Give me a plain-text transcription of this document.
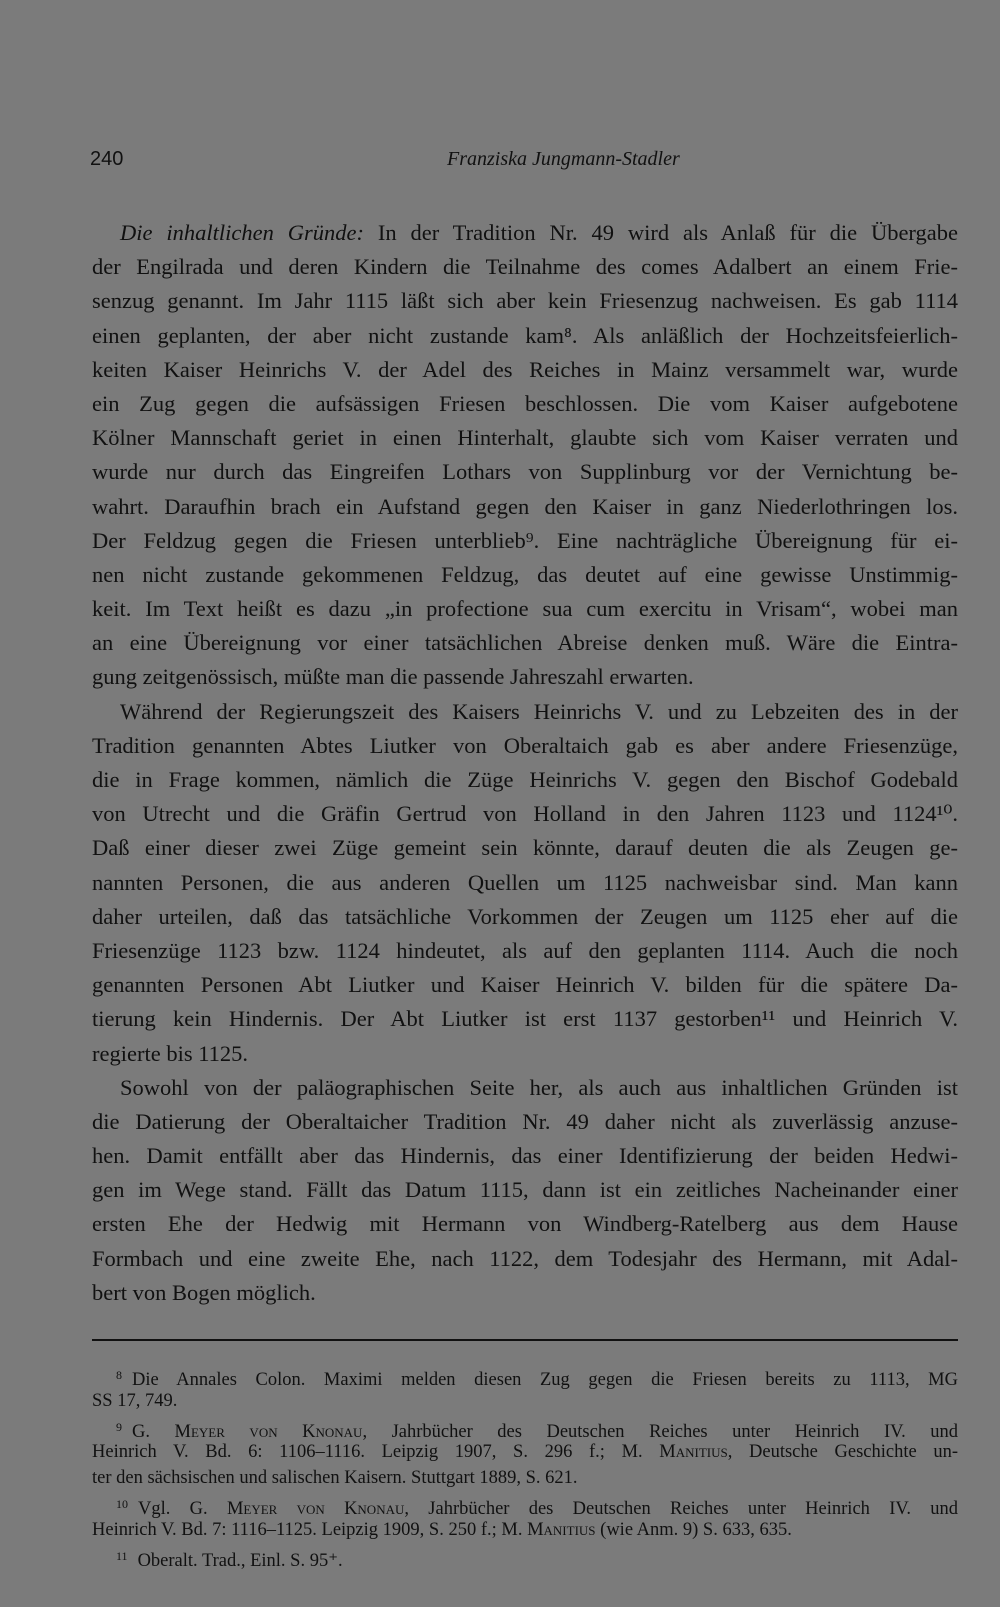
240	Franziska Jungmann-Stadler
Die inhaltlichen Gründe: In der Tradition Nr. 49 wird als Anlaß für die Übergabe
der Engilrada und deren Kindern die Teilnahme des comes Adalbert an einem Frie-
senzug genannt. Im Jahr 1115 läßt sich aber kein Friesenzug nachweisen. Es gab 1114
einen geplanten, der aber nicht zustande kam⁸. Als anläßlich der Hochzeitsfeierlich-
keiten Kaiser Heinrichs V. der Adel des Reiches in Mainz versammelt war, wurde
ein Zug gegen die aufsässigen Friesen beschlossen. Die vom Kaiser aufgebotene
Kölner Mannschaft geriet in einen Hinterhalt, glaubte sich vom Kaiser verraten und
wurde nur durch das Eingreifen Lothars von Supplinburg vor der Vernichtung be-
wahrt. Daraufhin brach ein Aufstand gegen den Kaiser in ganz Niederlothringen los.
Der Feldzug gegen die Friesen unterblieb⁹. Eine nachträgliche Übereignung für ei-
nen nicht zustande gekommenen Feldzug, das deutet auf eine gewisse Unstimmig-
keit. Im Text heißt es dazu „in profectione sua cum exercitu in Vrisam“, wobei man
an eine Übereignung vor einer tatsächlichen Abreise denken muß. Wäre die Eintra-
gung zeitgenössisch, müßte man die passende Jahreszahl erwarten.
Während der Regierungszeit des Kaisers Heinrichs V. und zu Lebzeiten des in der
Tradition genannten Abtes Liutker von Oberaltaich gab es aber andere Friesenzüge,
die in Frage kommen, nämlich die Züge Heinrichs V. gegen den Bischof Godebald
von Utrecht und die Gräfin Gertrud von Holland in den Jahren 1123 und 1124¹⁰.
Daß einer dieser zwei Züge gemeint sein könnte, darauf deuten die als Zeugen ge-
nannten Personen, die aus anderen Quellen um 1125 nachweisbar sind. Man kann
daher urteilen, daß das tatsächliche Vorkommen der Zeugen um 1125 eher auf die
Friesenzüge 1123 bzw. 1124 hindeutet, als auf den geplanten 1114. Auch die noch
genannten Personen Abt Liutker und Kaiser Heinrich V. bilden für die spätere Da-
tierung kein Hindernis. Der Abt Liutker ist erst 1137 gestorben¹¹ und Heinrich V.
regierte bis 1125.
Sowohl von der paläographischen Seite her, als auch aus inhaltlichen Gründen ist
die Datierung der Oberaltaicher Tradition Nr. 49 daher nicht als zuverlässig anzuse-
hen. Damit entfällt aber das Hindernis, das einer Identifizierung der beiden Hedwi-
gen im Wege stand. Fällt das Datum 1115, dann ist ein zeitliches Nacheinander einer
ersten Ehe der Hedwig mit Hermann von Windberg-Ratelberg aus dem Hause
Formbach und eine zweite Ehe, nach 1122, dem Todesjahr des Hermann, mit Adal-
bert von Bogen möglich.
$^8$ Die Annales Colon. Maximi melden diesen Zug gegen die Friesen bereits zu 1113, MG
SS 17, 749.
$^9$ G. Meyer von Knonau, Jahrbücher des Deutschen Reiches unter Heinrich IV. und
Heinrich V. Bd. 6: 1106–1116. Leipzig 1907, S. 296 f.; M. Manitius, Deutsche Geschichte un-
ter den sächsischen und salischen Kaisern. Stuttgart 1889, S. 621.
$^{10}$ Vgl. G. Meyer von Knonau, Jahrbücher des Deutschen Reiches unter Heinrich IV. und
Heinrich V. Bd. 7: 1116–1125. Leipzig 1909, S. 250 f.; M. Manitius (wie Anm. 9) S. 633, 635.
$^{11}$ Oberalt. Trad., Einl. S. 95⁺.
